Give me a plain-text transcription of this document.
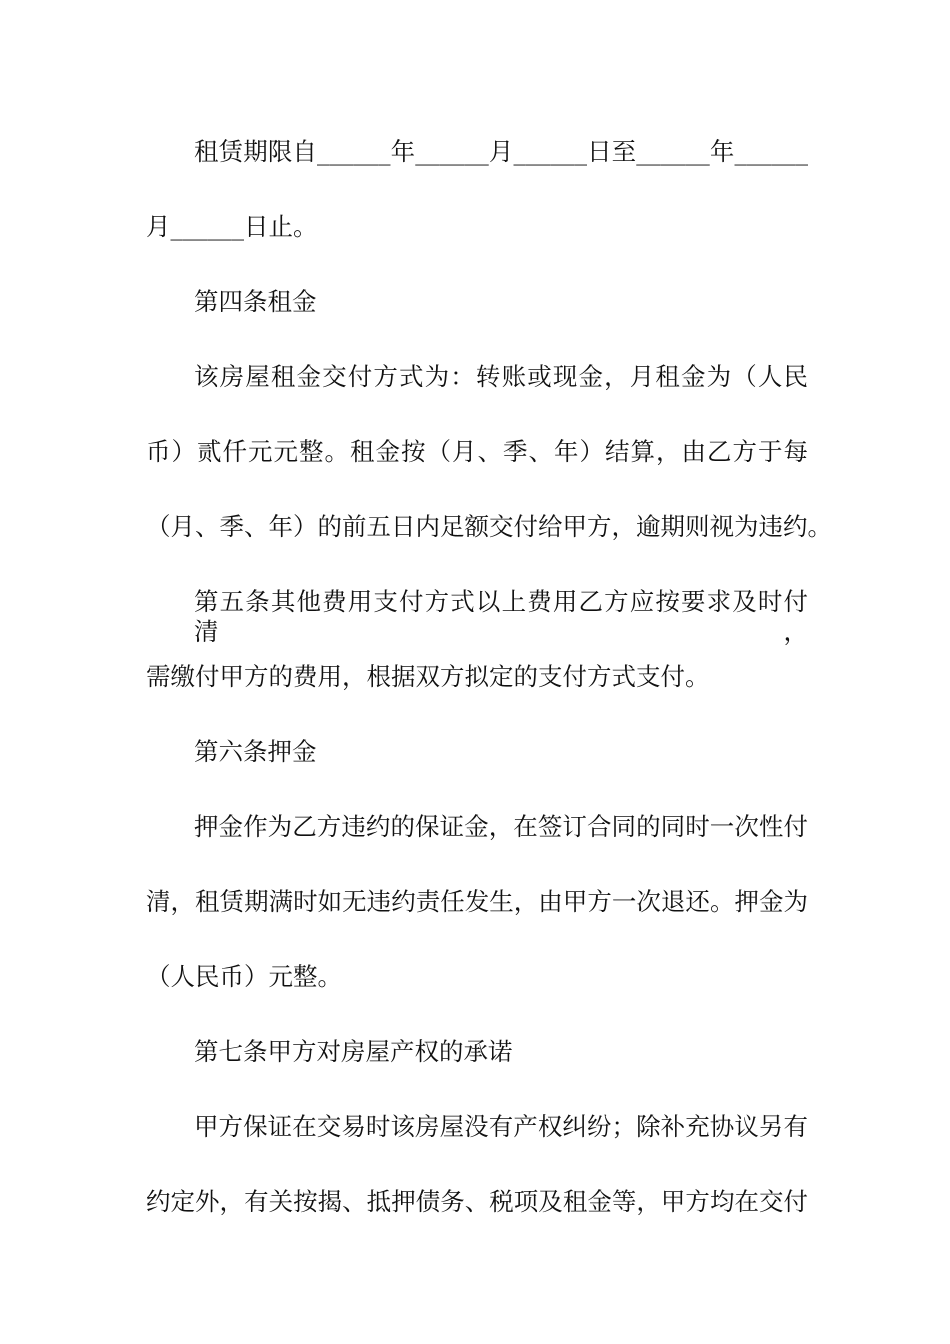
租赁期限自______年______月______日至______年______
月______日止。
第四条租金
该房屋租金交付方式为：转账或现金，月租金为（人民
币）贰仟元元整。租金按（月、季、年）结算，由乙方于每
（月、季、年）的前五日内足额交付给甲方，逾期则视为违约。
第五条其他费用支付方式以上费用乙方应按要求及时付清，
需缴付甲方的费用，根据双方拟定的支付方式支付。
第六条押金
押金作为乙方违约的保证金，在签订合同的同时一次性付
清，租赁期满时如无违约责任发生，由甲方一次退还。押金为
（人民币）元整。
第七条甲方对房屋产权的承诺
甲方保证在交易时该房屋没有产权纠纷；除补充协议另有
约定外，有关按揭、抵押债务、税项及租金等，甲方均在交付
